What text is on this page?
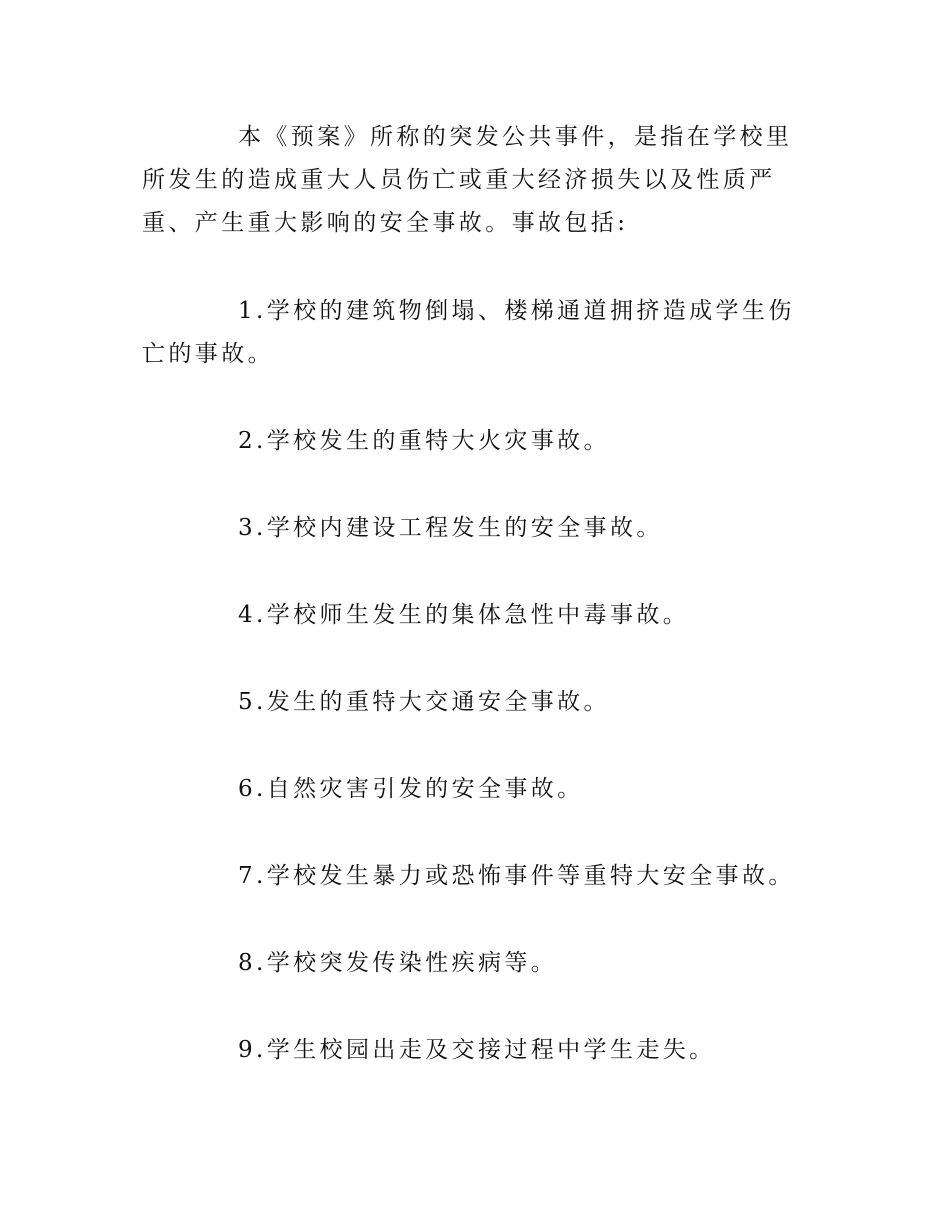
本《预案》所称的突发公共事件，是指在学校里所发生的造成重大人员伤亡或重大经济损失以及性质严重、产生重大影响的安全事故。事故包括:

1.学校的建筑物倒塌、楼梯通道拥挤造成学生伤亡的事故。

2.学校发生的重特大火灾事故。

3.学校内建设工程发生的安全事故。

4.学校师生发生的集体急性中毒事故。

5.发生的重特大交通安全事故。

6.自然灾害引发的安全事故。

7.学校发生暴力或恐怖事件等重特大安全事故。

8.学校突发传染性疾病等。

9.学生校园出走及交接过程中学生走失。
